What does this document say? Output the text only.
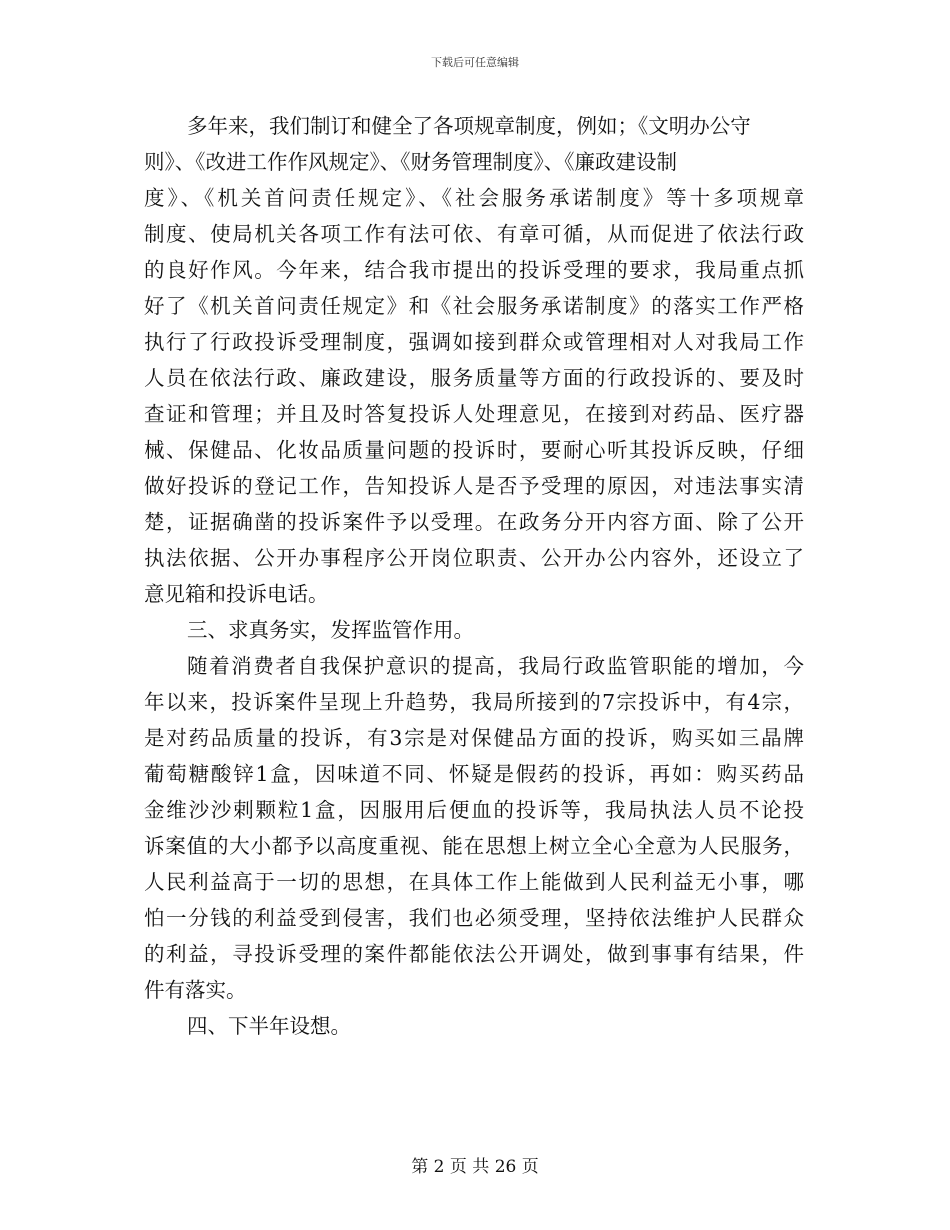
下载后可任意编辑
多年来，我们制订和健全了各项规章制度，例如；《文明办公守
则》、《改进工作作风规定》、《财务管理制度》、《廉政建设制
度》、《机关首问责任规定》、《社会服务承诺制度》等十多项规章
制度、使局机关各项工作有法可依、有章可循，从而促进了依法行政
的良好作风。今年来，结合我市提出的投诉受理的要求，我局重点抓
好了《机关首问责任规定》和《社会服务承诺制度》的落实工作严格
执行了行政投诉受理制度，强调如接到群众或管理相对人对我局工作
人员在依法行政、廉政建设，服务质量等方面的行政投诉的、要及时
查证和管理；并且及时答复投诉人处理意见，在接到对药品、医疗器
械、保健品、化妆品质量问题的投诉时，要耐心听其投诉反映，仔细
做好投诉的登记工作，告知投诉人是否予受理的原因，对违法事实清
楚，证据确凿的投诉案件予以受理。在政务分开内容方面、除了公开
执法依据、公开办事程序公开岗位职责、公开办公内容外，还设立了
意见箱和投诉电话。
三、求真务实，发挥监管作用。
随着消费者自我保护意识的提高，我局行政监管职能的增加，今
年以来，投诉案件呈现上升趋势，我局所接到的7宗投诉中，有4宗，
是对药品质量的投诉，有3宗是对保健品方面的投诉，购买如三晶牌
葡萄糖酸锌1盒，因味道不同、怀疑是假药的投诉，再如：购买药品
金维沙沙剌颗粒1盒，因服用后便血的投诉等，我局执法人员不论投
诉案值的大小都予以高度重视、能在思想上树立全心全意为人民服务，
人民利益高于一切的思想，在具体工作上能做到人民利益无小事，哪
怕一分钱的利益受到侵害，我们也必须受理，坚持依法维护人民群众
的利益，寻投诉受理的案件都能依法公开调处，做到事事有结果，件
件有落实。
四、下半年设想。
第 2 页 共 26 页
